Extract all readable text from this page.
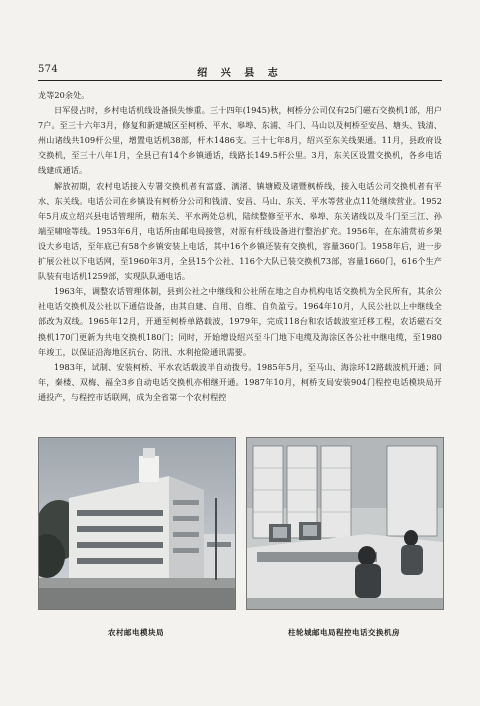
574	绍 兴 县 志

龙等20余处。

日军侵占时，乡村电话机线设备损失惨重。三十四年(1945)秋，柯桥分公司仅有25门磁石交换机1部，用户7户。至三十六年3月，修复和新建城区至柯桥、平水、皋埠、东浦、斗门、马山以及柯桥至安昌、塘头、钱清、州山诸线共109杆公里，增置电话机38部，杆木1486支。三十七年8月，绍兴至东关线架通。11月，县政府设交换机，至三十八年1月，全县已有14个乡镇通话，线路长149.5杆公里。3月，东关区设置交换机，各乡电话线建成通话。

解放初期，农村电话接入专署交换机者有富盛、漓渚、镇塘殿及诸暨枫桥线，接入电话公司交换机者有平水、东关线。电话公司在乡镇设有柯桥分公司和钱清、安昌、马山、东关、平水等营业点11处继续营业。1952年5月成立绍兴县电话管理所，精东关、平水两处总机，陆续整修至平水、皋埠、东关诸线以及斗门至三江、孙端至啸唫等线。1953年6月，电话所由邮电局接管，对原有杆线设备进行整治扩充。1956年，在东浦赏祊乡架设大乡电话，至年底已有58个乡镇安装上电话，其中16个乡镇还装有交换机，容量360门。1958年后，进一步扩展公社以下电话网，至1960年3月，全县15个公社、116个大队已装交换机73部，容量1660门，616个生产队装有电话机1259部，实现队队通电话。

1963年，调整农话管理体制，县到公社之中继线和公社所在地之自办机构电话交换机为全民所有，其余公社电话交换机及公社以下通信设备，由其自建、自用、自维、自负盈亏。1964年10月，人民公社以上中继线全部改为双线。1965年12月，开通至柯桥单路载波，1979年，完成118台和农话载波室迁移工程，农话磁石交换机170门更新为共电交换机180门；同时，开始增设绍兴至斗门地下电缆及海涂区各公社中继电缆，至1980年竣工，以保证沿海地区抗台、防汛、水利抢险通讯需要。

1983年，试制、安装柯桥、平水农话载波半自动拨号。1985年5月，至马山、海涂环12路载波机开通；同年，秦楼、双梅、福全3乡自动电话交换机亦相继开通。1987年10月，柯桥支局安装904门程控电话模块局开通投产，与程控市话联网，成为全省第一个农村程控

农村邮电模块局	柱轮城邮电局程控电话交换机房
